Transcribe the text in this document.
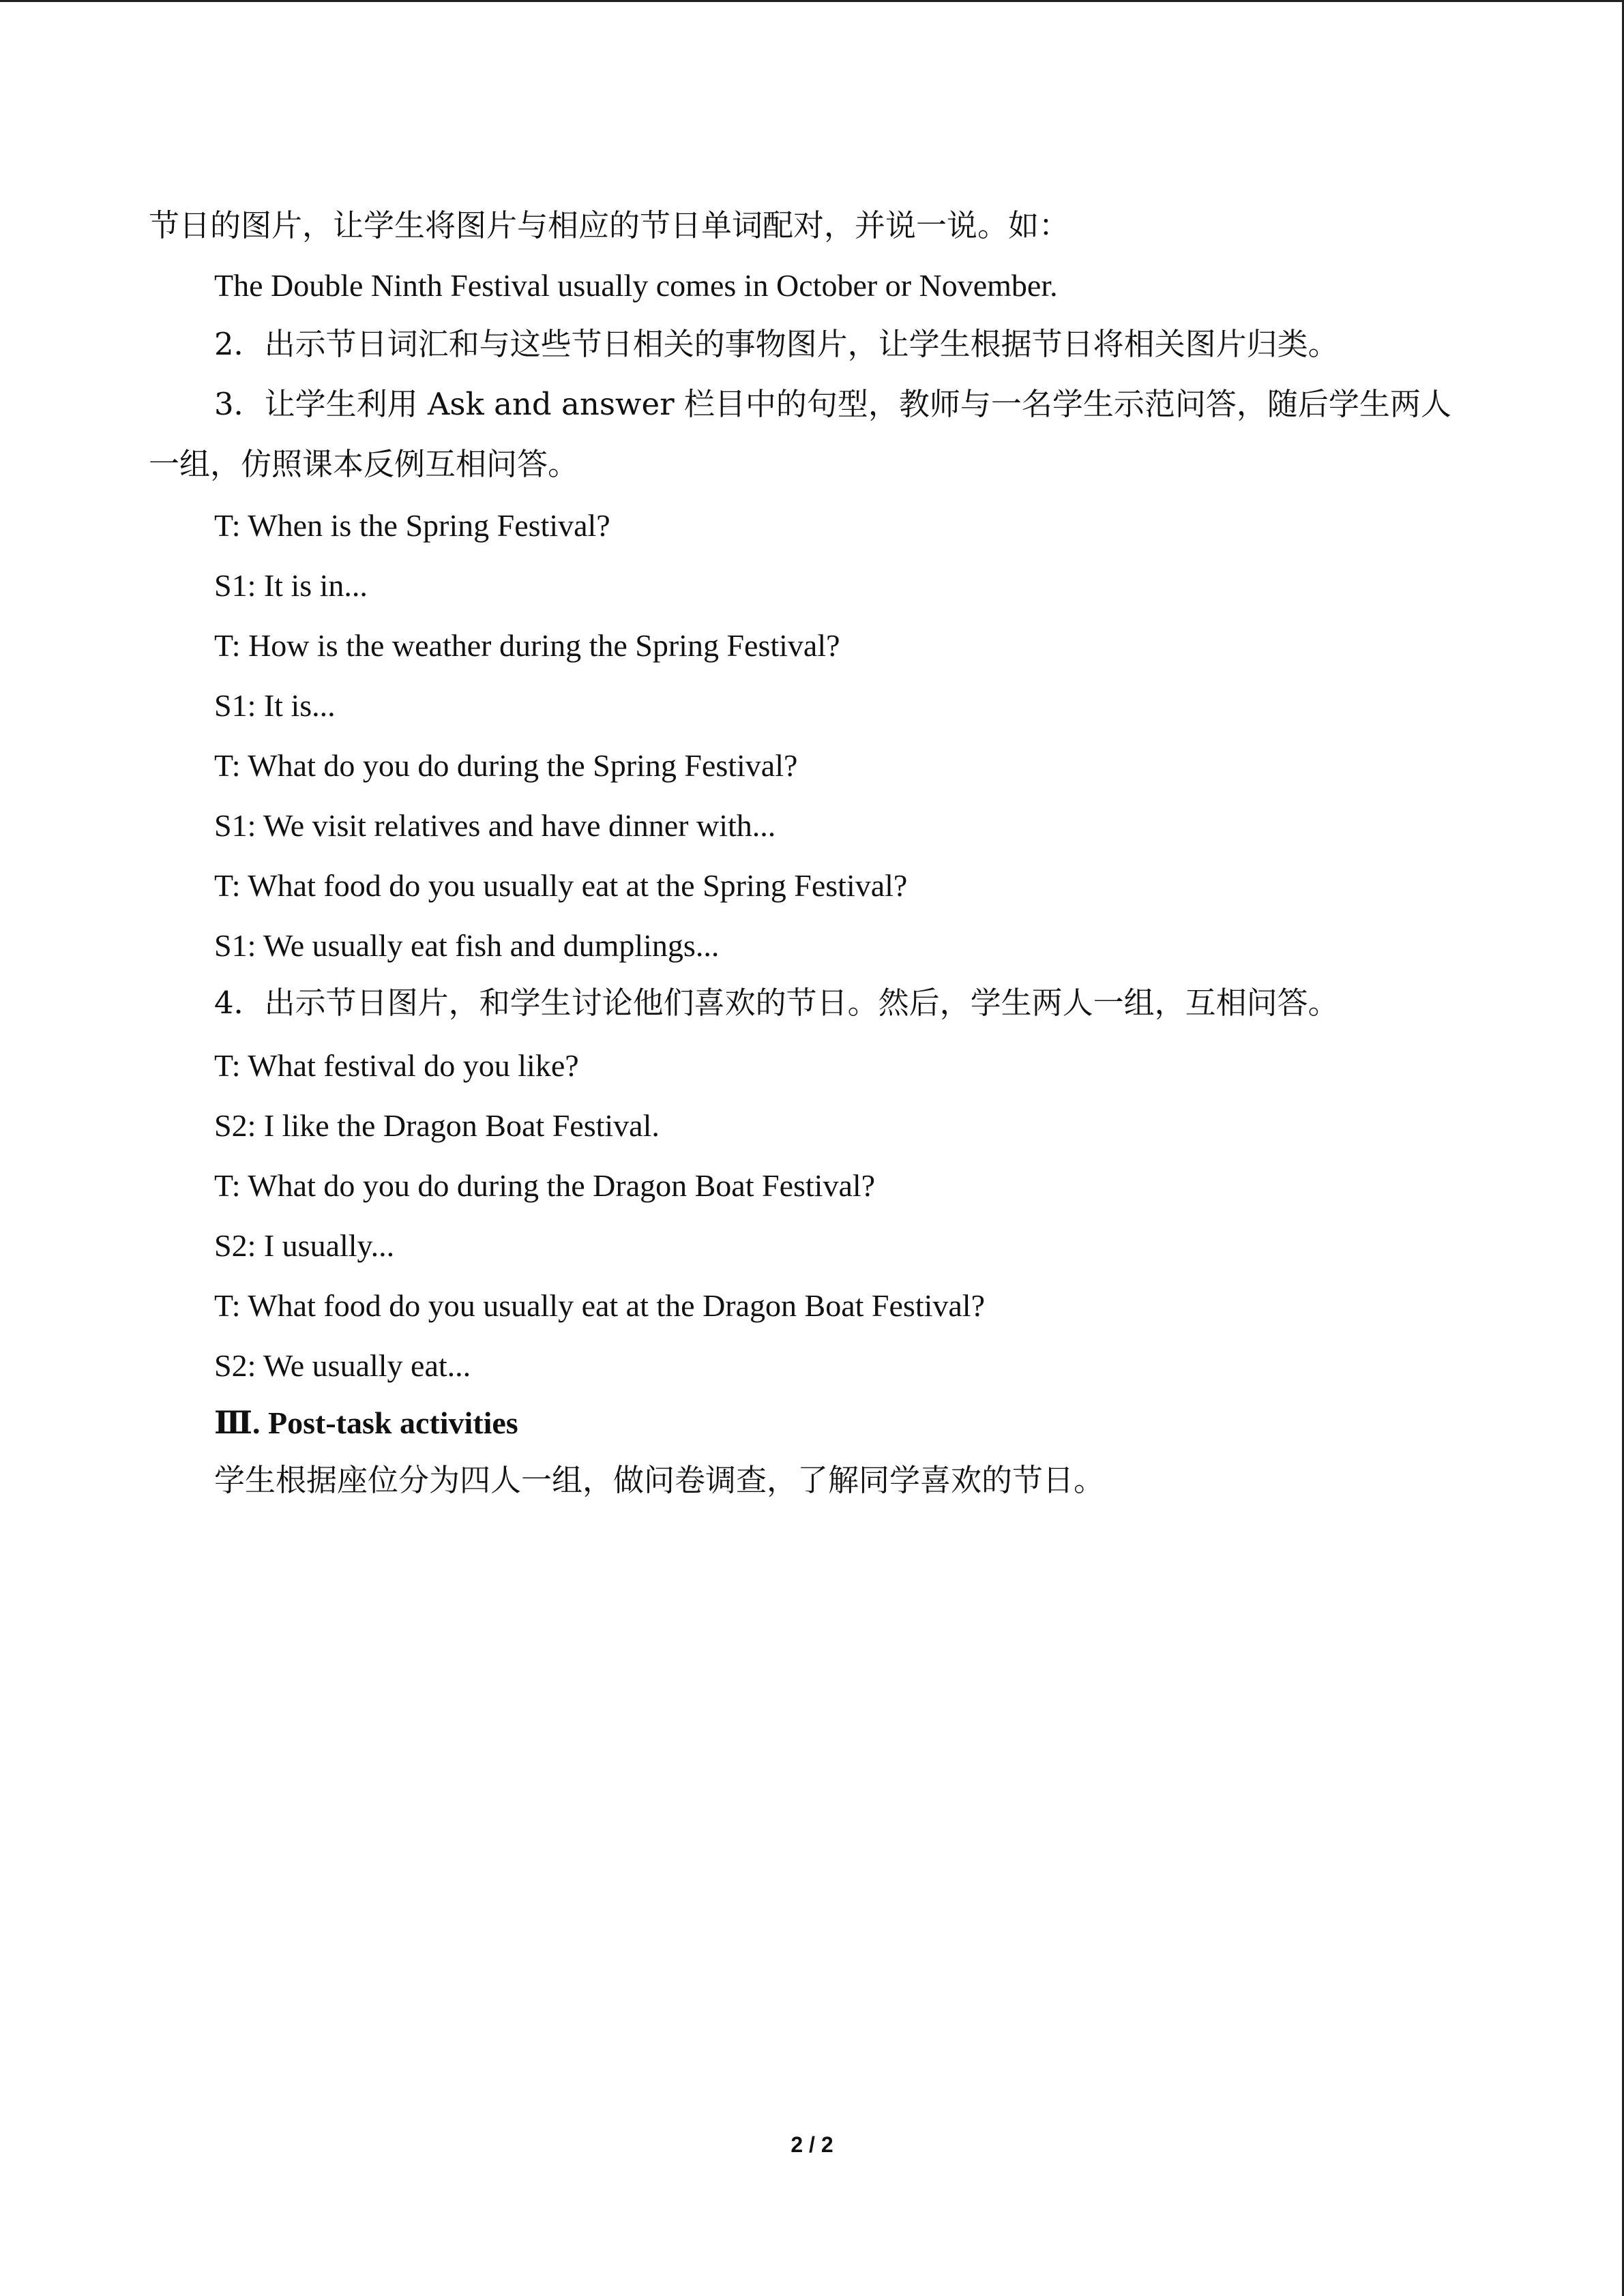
节日的图片，让学生将图片与相应的节日单词配对，并说一说。如：
The Double Ninth Festival usually comes in October or November.
2．出示节日词汇和与这些节日相关的事物图片，让学生根据节日将相关图片归类。
3．让学生利用 Ask and answer 栏目中的句型，教师与一名学生示范问答，随后学生两人
一组，仿照课本反例互相问答。
T: When is the Spring Festival?
S1: It is in...
T: How is the weather during the Spring Festival?
S1: It is...
T: What do you do during the Spring Festival?
S1: We visit relatives and have dinner with...
T: What food do you usually eat at the Spring Festival?
S1: We usually eat fish and dumplings...
4．出示节日图片，和学生讨论他们喜欢的节日。然后，学生两人一组，互相问答。
T: What festival do you like?
S2: I like the Dragon Boat Festival.
T: What do you do during the Dragon Boat Festival?
S2: I usually...
T: What food do you usually eat at the Dragon Boat Festival?
S2: We usually eat...
Ⅲ. Post-task activities
学生根据座位分为四人一组，做问卷调查，了解同学喜欢的节日。
2 / 2
